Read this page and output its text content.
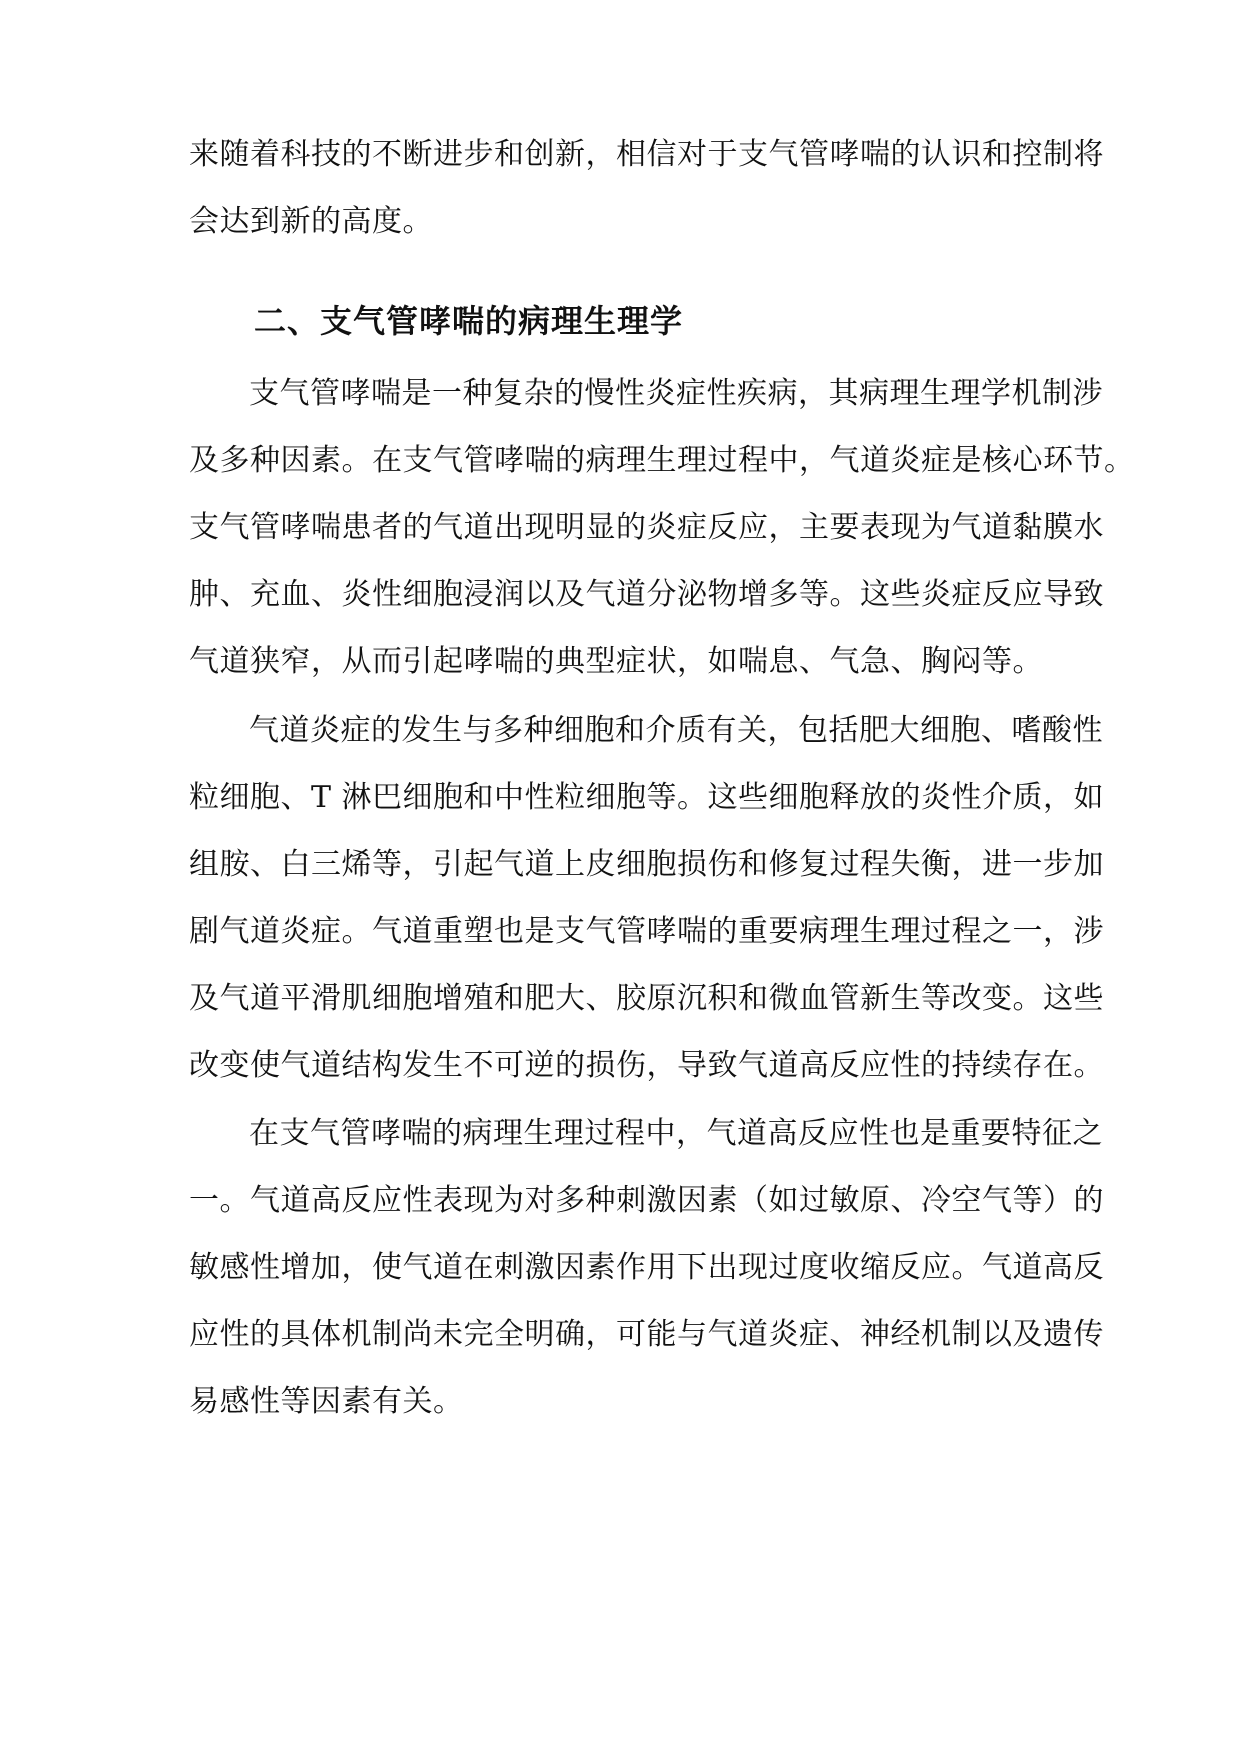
来随着科技的不断进步和创新，相信对于支气管哮喘的认识和控制将
会达到新的高度。
二、支气管哮喘的病理生理学
支气管哮喘是一种复杂的慢性炎症性疾病，其病理生理学机制涉
及多种因素。在支气管哮喘的病理生理过程中，气道炎症是核心环节。
支气管哮喘患者的气道出现明显的炎症反应，主要表现为气道黏膜水
肿、充血、炎性细胞浸润以及气道分泌物增多等。这些炎症反应导致
气道狭窄，从而引起哮喘的典型症状，如喘息、气急、胸闷等。
气道炎症的发生与多种细胞和介质有关，包括肥大细胞、嗜酸性
粒细胞、T 淋巴细胞和中性粒细胞等。这些细胞释放的炎性介质，如
组胺、白三烯等，引起气道上皮细胞损伤和修复过程失衡，进一步加
剧气道炎症。气道重塑也是支气管哮喘的重要病理生理过程之一，涉
及气道平滑肌细胞增殖和肥大、胶原沉积和微血管新生等改变。这些
改变使气道结构发生不可逆的损伤，导致气道高反应性的持续存在。
在支气管哮喘的病理生理过程中，气道高反应性也是重要特征之
一。气道高反应性表现为对多种刺激因素（如过敏原、冷空气等）的
敏感性增加，使气道在刺激因素作用下出现过度收缩反应。气道高反
应性的具体机制尚未完全明确，可能与气道炎症、神经机制以及遗传
易感性等因素有关。
